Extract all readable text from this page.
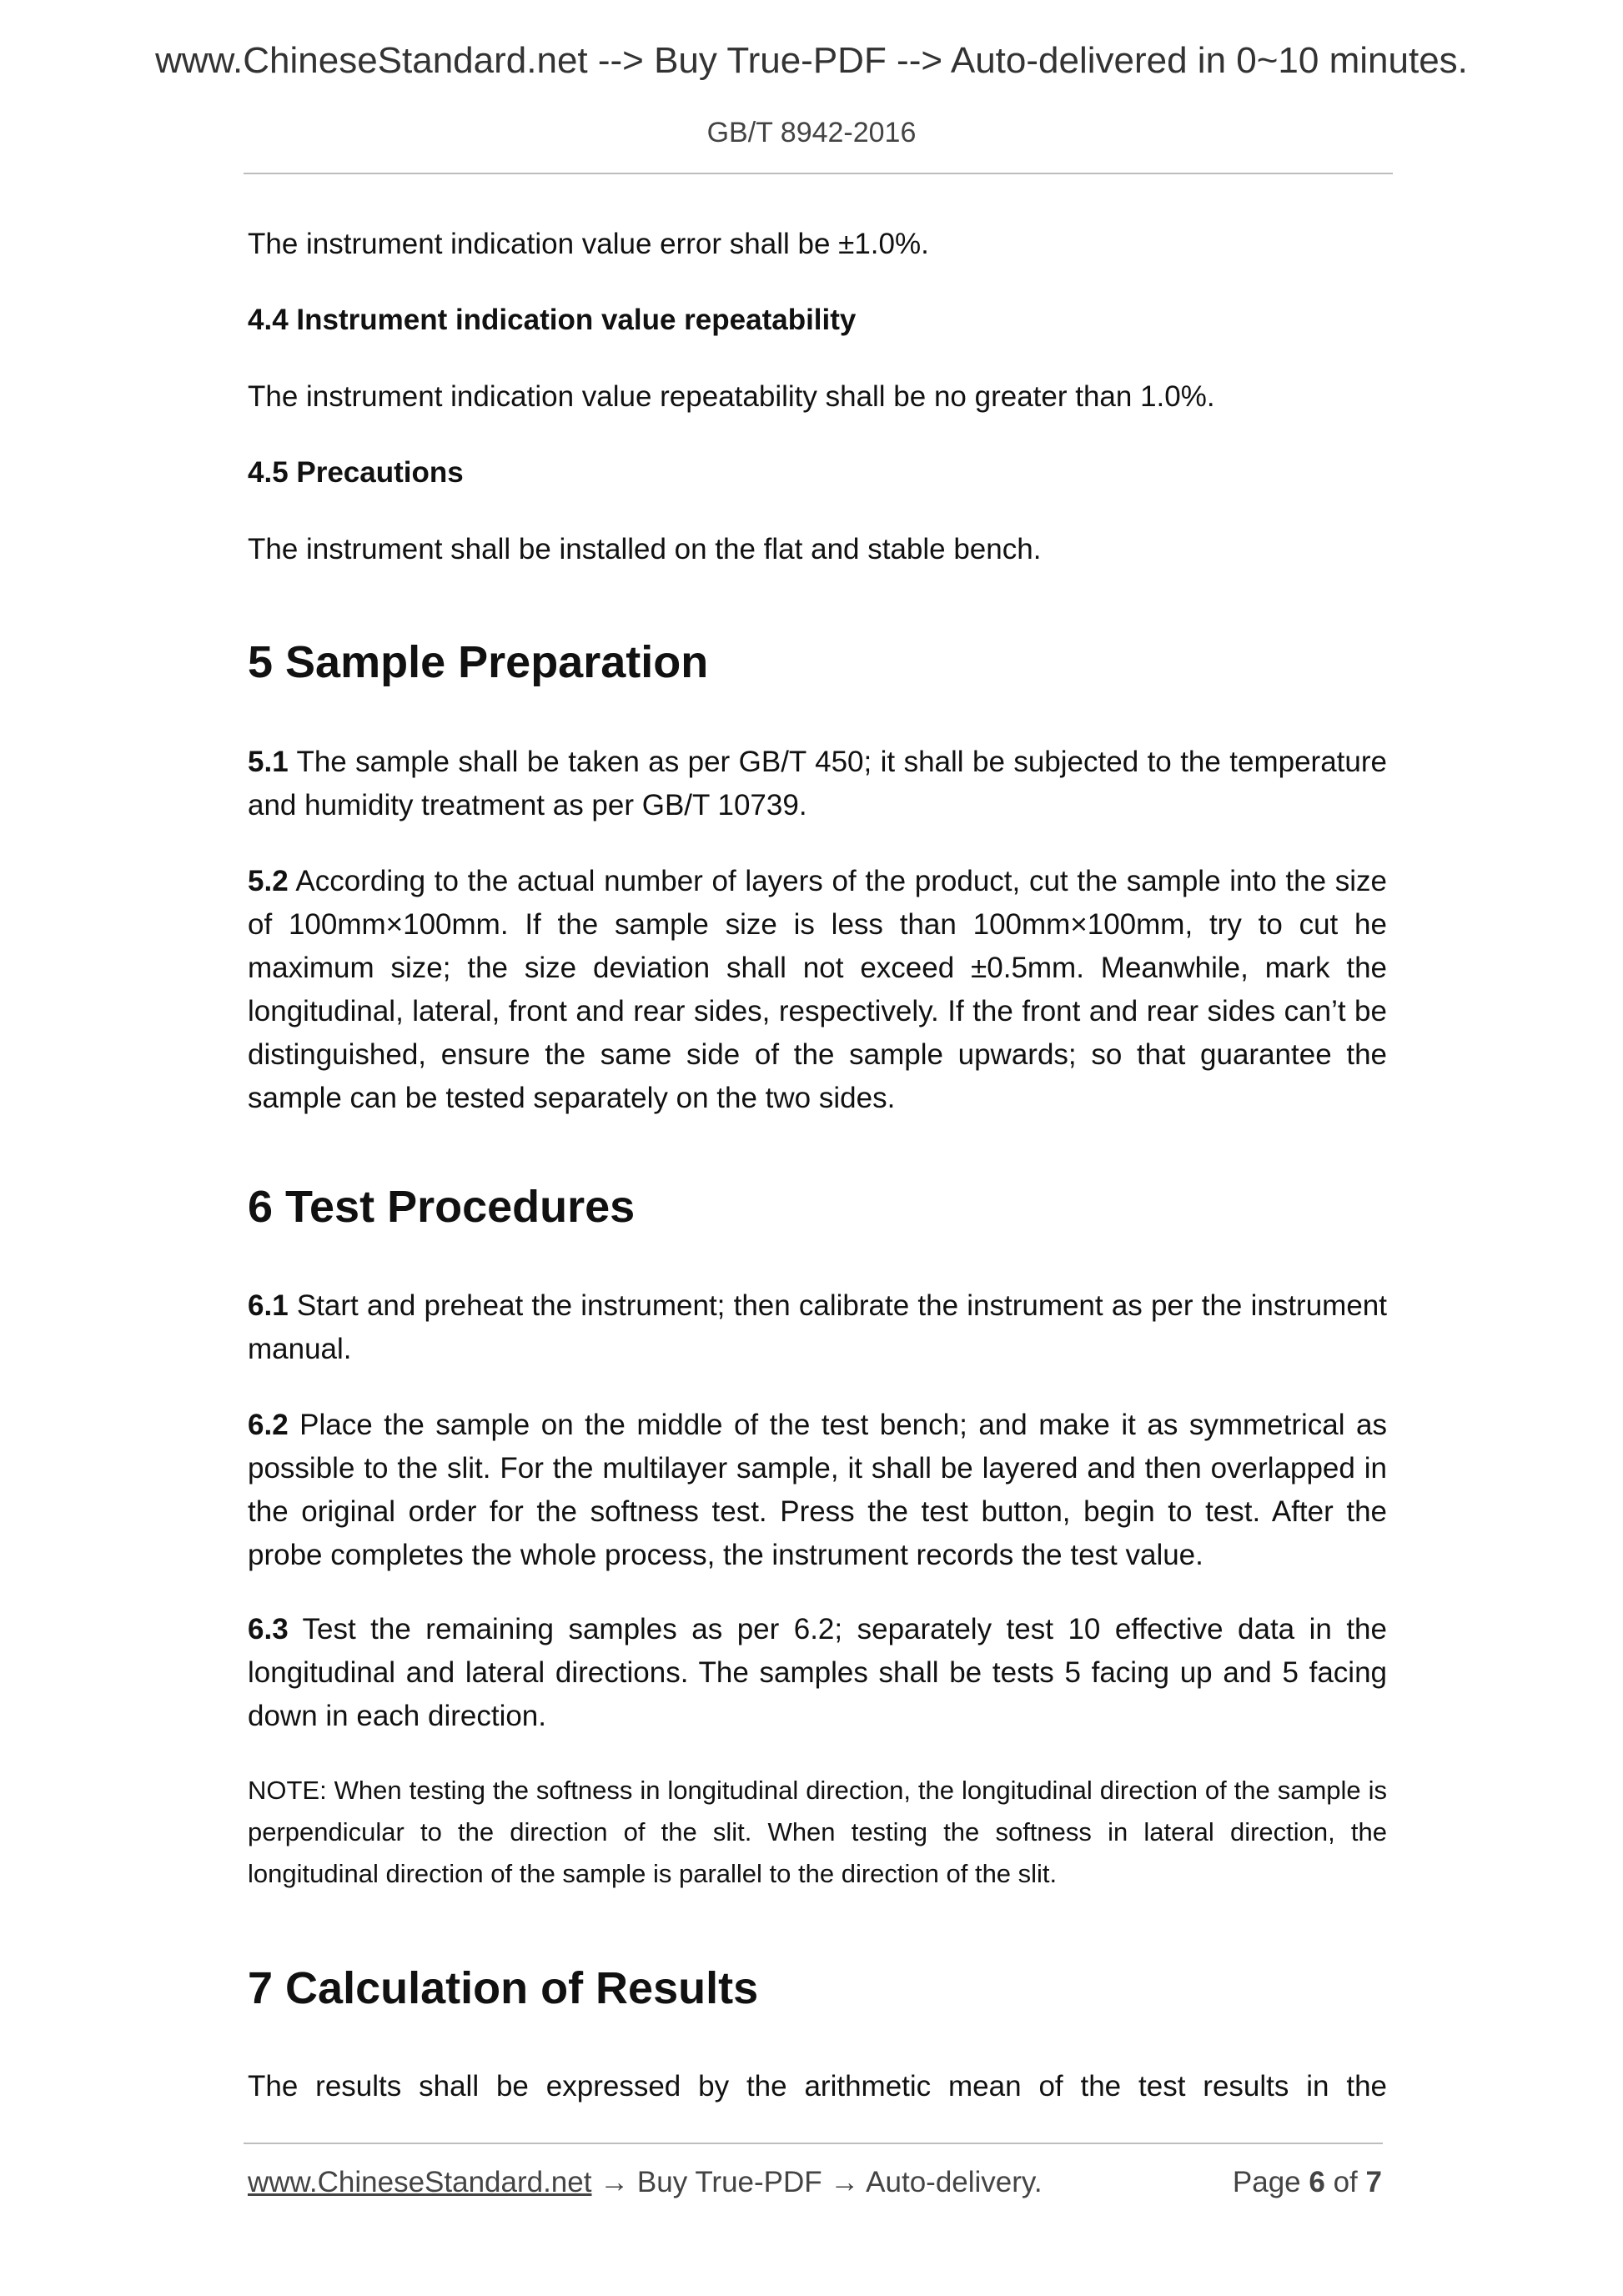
www.ChineseStandard.net --> Buy True-PDF --> Auto-delivered in 0~10 minutes.
GB/T 8942-2016
The instrument indication value error shall be ±1.0%.
4.4 Instrument indication value repeatability
The instrument indication value repeatability shall be no greater than 1.0%.
4.5 Precautions
The instrument shall be installed on the flat and stable bench.
5 Sample Preparation
5.1 The sample shall be taken as per GB/T 450; it shall be subjected to the temperature and humidity treatment as per GB/T 10739.
5.2 According to the actual number of layers of the product, cut the sample into the size of 100mm×100mm. If the sample size is less than 100mm×100mm, try to cut he maximum size; the size deviation shall not exceed ±0.5mm. Meanwhile, mark the longitudinal, lateral, front and rear sides, respectively. If the front and rear sides can’t be distinguished, ensure the same side of the sample upwards; so that guarantee the sample can be tested separately on the two sides.
6 Test Procedures
6.1 Start and preheat the instrument; then calibrate the instrument as per the instrument manual.
6.2 Place the sample on the middle of the test bench; and make it as symmetrical as possible to the slit. For the multilayer sample, it shall be layered and then overlapped in the original order for the softness test. Press the test button, begin to test. After the probe completes the whole process, the instrument records the test value.
6.3 Test the remaining samples as per 6.2; separately test 10 effective data in the longitudinal and lateral directions. The samples shall be tests 5 facing up and 5 facing down in each direction.
NOTE: When testing the softness in longitudinal direction, the longitudinal direction of the sample is perpendicular to the direction of the slit. When testing the softness in lateral direction, the longitudinal direction of the sample is parallel to the direction of the slit.
7 Calculation of Results
The results shall be expressed by the arithmetic mean of the test results in the
www.ChineseStandard.net → Buy True-PDF → Auto-delivery.	Page 6 of 7
